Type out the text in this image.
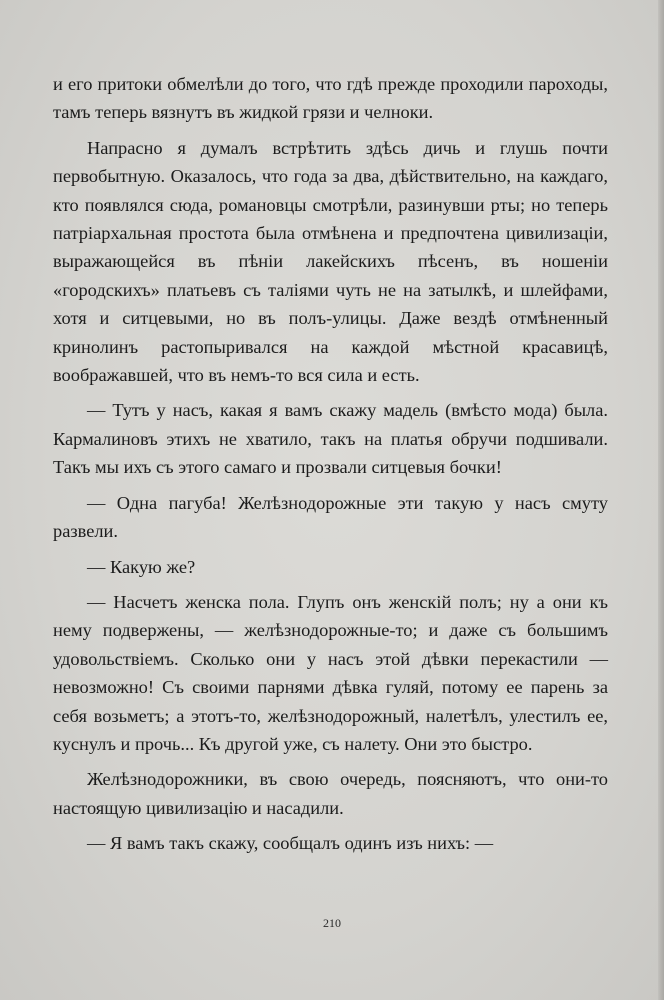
и его притоки обмелѣли до того, что гдѣ прежде проходили пароходы, тамъ теперь вязнутъ въ жидкой грязи и челноки.

Напрасно я думалъ встрѣтить здѣсь дичь и глушь почти первобытную. Оказалось, что года за два, дѣйствительно, на каждаго, кто появлялся сюда, романовцы смотрѣли, разинувши рты; но теперь патріархальная простота была отмѣнена и предпочтена цивилизаціи, выражающейся въ пѣніи лакейскихъ пѣсенъ, въ ношеніи «городскихъ» платьевъ съ таліями чуть не на затылкѣ, и шлейфами, хотя и ситцевыми, но въ полъ-улицы. Даже вездѣ отмѣненный кринолинъ растопыривался на каждой мѣстной красавицѣ, воображавшей, что въ немъ-то вся сила и есть.

— Тутъ у насъ, какая я вамъ скажу мадель (вмѣсто мода) была. Кармалиновъ этихъ не хватило, такъ на платья обручи подшивали. Такъ мы ихъ съ этого самаго и прозвали ситцевыя бочки!

— Одна пагуба! Желѣзнодорожные эти такую у насъ смуту развели.

— Какую же?

— Насчетъ женска пола. Глупъ онъ женскій полъ; ну а они къ нему подвержены, — желѣзнодорожные-то; и даже съ большимъ удовольствіемъ. Сколько они у насъ этой дѣвки перекастили — невозможно! Съ своими парнями дѣвка гуляй, потому ее парень за себя возьметъ; а этотъ-то, желѣзнодорожный, налетѣлъ, улестилъ ее, куснулъ и прочь... Къ другой уже, съ налету. Они это быстро.

Желѣзнодорожники, въ свою очередь, поясняютъ, что они-то настоящую цивилизацію и насадили.

— Я вамъ такъ скажу, сообщалъ одинъ изъ нихъ: —

210
